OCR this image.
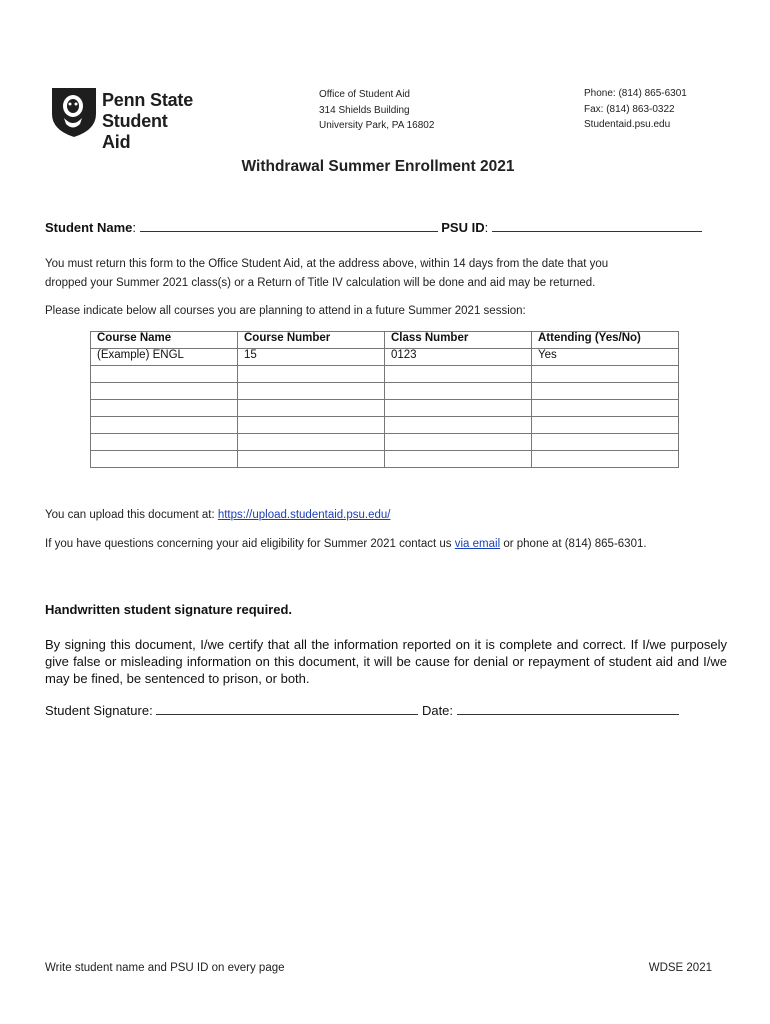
Penn State
Student Aid
Office of Student Aid
314 Shields Building
University Park, PA 16802
Phone: (814) 865-6301
Fax: (814) 863-0322
Studentaid.psu.edu
Withdrawal Summer Enrollment 2021
Student Name:	PSU ID:
You must return this form to the Office Student Aid, at the address above, within 14 days from the date that you
dropped your Summer 2021 class(s) or a Return of Title IV calculation will be done and aid may be returned.
Please indicate below all courses you are planning to attend in a future Summer 2021 session:
Course Name	Course Number	Class Number	Attending (Yes/No)
(Example) ENGL	15	0123	Yes

You can upload this document at: https://upload.studentaid.psu.edu/
If you have questions concerning your aid eligibility for Summer 2021 contact us via email or phone at (814) 865-6301.
Handwritten student signature required.
By signing this document, I/we certify that all the information reported on it is complete and correct. If I/we purposely give false or misleading information on this document, it will be cause for denial or repayment of student aid and I/we may be fined, be sentenced to prison, or both.
Student Signature:	Date:
Write student name and PSU ID on every page	WDSE 2021
